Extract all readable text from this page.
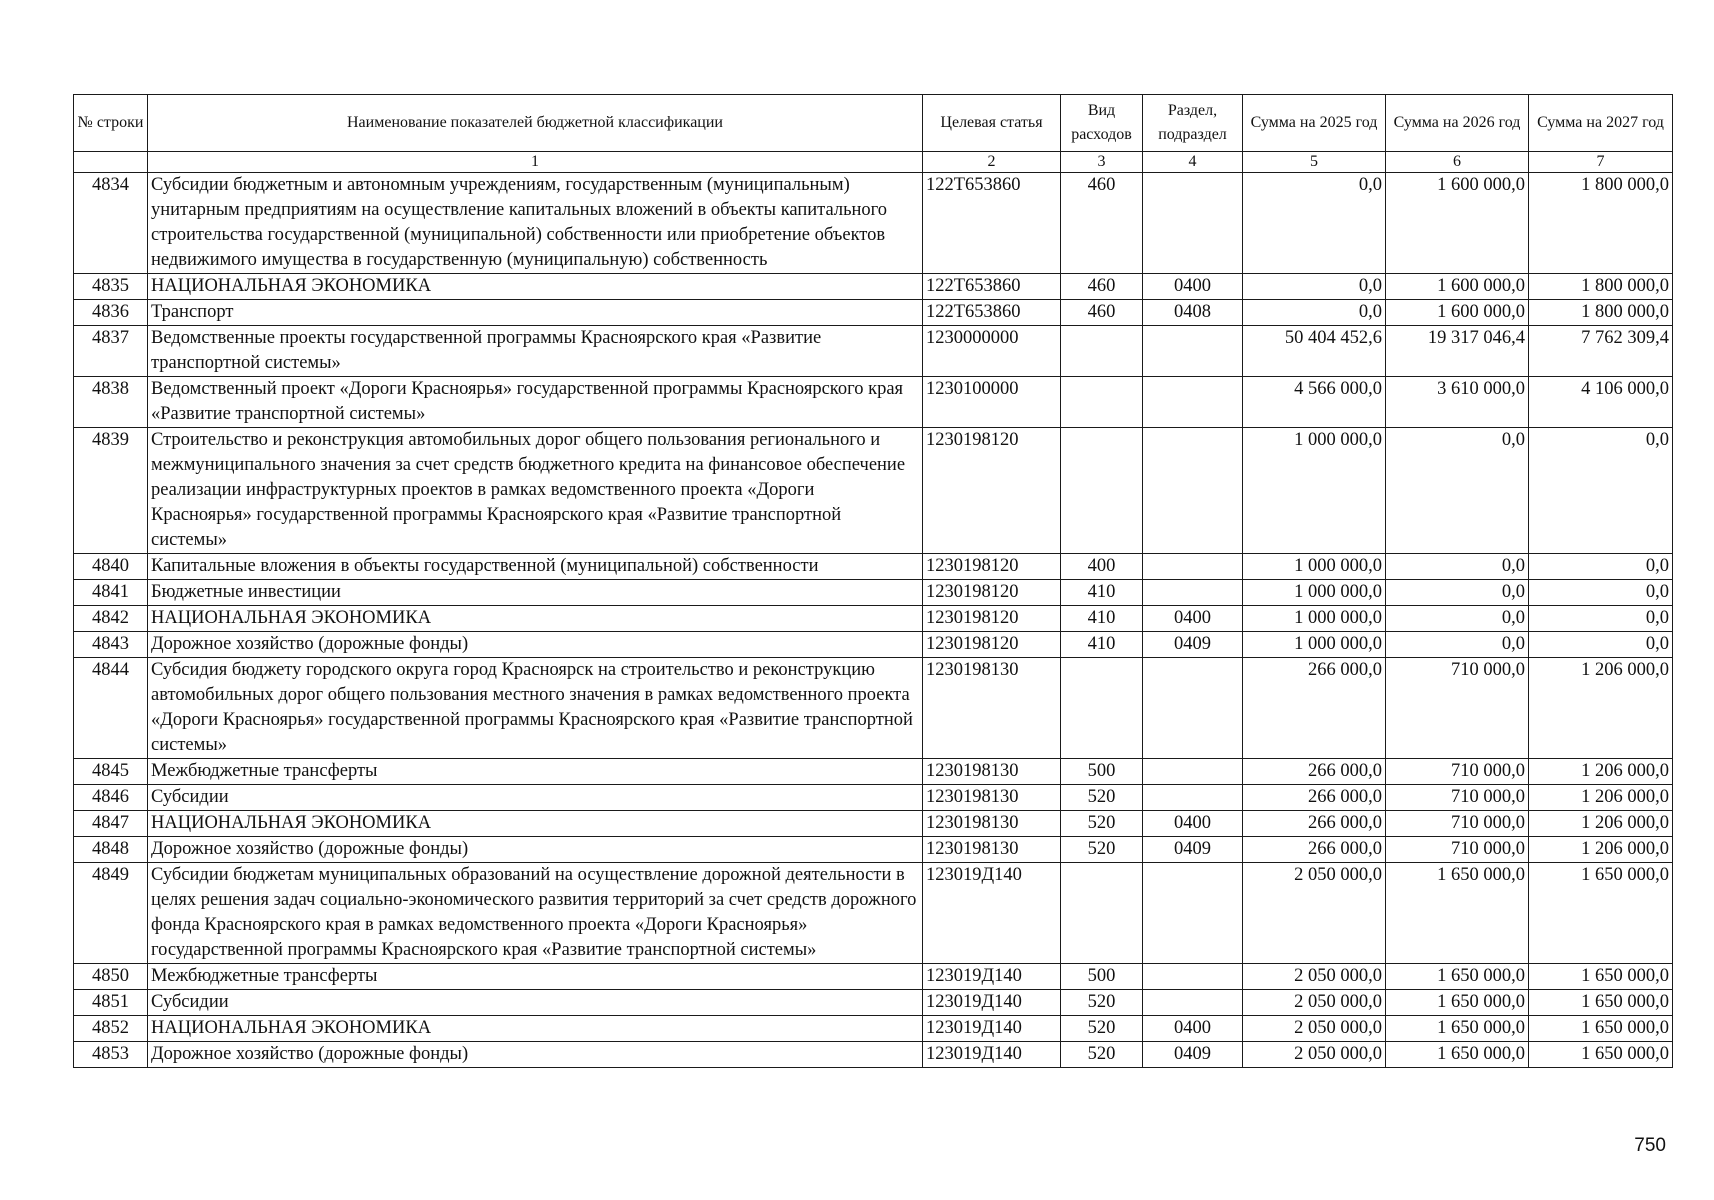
№ строки	Наименование показателей бюджетной классификации	Целевая статья	Вид расходов	Раздел, подраздел	Сумма на 2025 год	Сумма на 2026 год	Сумма на 2027 год
	1	2	3	4	5	6	7
4834	Субсидии бюджетным и автономным учреждениям, государственным (муниципальным) унитарным предприятиям на осуществление капитальных вложений в объекты капитального строительства государственной (муниципальной) собственности или приобретение объектов недвижимого имущества в государственную (муниципальную) собственность	122Т653860	460		0,0	1 600 000,0	1 800 000,0
4835	НАЦИОНАЛЬНАЯ ЭКОНОМИКА	122Т653860	460	0400	0,0	1 600 000,0	1 800 000,0
4836	Транспорт	122Т653860	460	0408	0,0	1 600 000,0	1 800 000,0
4837	Ведомственные проекты государственной программы Красноярского края «Развитие транспортной системы»	1230000000			50 404 452,6	19 317 046,4	7 762 309,4
4838	Ведомственный проект «Дороги Красноярья» государственной программы Красноярского края «Развитие транспортной системы»	1230100000			4 566 000,0	3 610 000,0	4 106 000,0
4839	Строительство и реконструкция автомобильных дорог общего пользования регионального и межмуниципального значения за счет средств бюджетного кредита на финансовое обеспечение реализации инфраструктурных проектов в рамках ведомственного проекта «Дороги Красноярья» государственной программы Красноярского края «Развитие транспортной системы»	1230198120			1 000 000,0	0,0	0,0
4840	Капитальные вложения в объекты государственной (муниципальной) собственности	1230198120	400		1 000 000,0	0,0	0,0
4841	Бюджетные инвестиции	1230198120	410		1 000 000,0	0,0	0,0
4842	НАЦИОНАЛЬНАЯ ЭКОНОМИКА	1230198120	410	0400	1 000 000,0	0,0	0,0
4843	Дорожное хозяйство (дорожные фонды)	1230198120	410	0409	1 000 000,0	0,0	0,0
4844	Субсидия бюджету городского округа город Красноярск на строительство и реконструкцию автомобильных дорог общего пользования местного значения в рамках ведомственного проекта «Дороги Красноярья» государственной программы Красноярского края «Развитие транспортной системы»	1230198130			266 000,0	710 000,0	1 206 000,0
4845	Межбюджетные трансферты	1230198130	500		266 000,0	710 000,0	1 206 000,0
4846	Субсидии	1230198130	520		266 000,0	710 000,0	1 206 000,0
4847	НАЦИОНАЛЬНАЯ ЭКОНОМИКА	1230198130	520	0400	266 000,0	710 000,0	1 206 000,0
4848	Дорожное хозяйство (дорожные фонды)	1230198130	520	0409	266 000,0	710 000,0	1 206 000,0
4849	Субсидии бюджетам муниципальных образований на осуществление дорожной деятельности в целях решения задач социально-экономического развития территорий за счет средств дорожного фонда Красноярского края в рамках ведомственного проекта «Дороги Красноярья» государственной программы Красноярского края «Развитие транспортной системы»	123019Д140			2 050 000,0	1 650 000,0	1 650 000,0
4850	Межбюджетные трансферты	123019Д140	500		2 050 000,0	1 650 000,0	1 650 000,0
4851	Субсидии	123019Д140	520		2 050 000,0	1 650 000,0	1 650 000,0
4852	НАЦИОНАЛЬНАЯ ЭКОНОМИКА	123019Д140	520	0400	2 050 000,0	1 650 000,0	1 650 000,0
4853	Дорожное хозяйство (дорожные фонды)	123019Д140	520	0409	2 050 000,0	1 650 000,0	1 650 000,0
750
